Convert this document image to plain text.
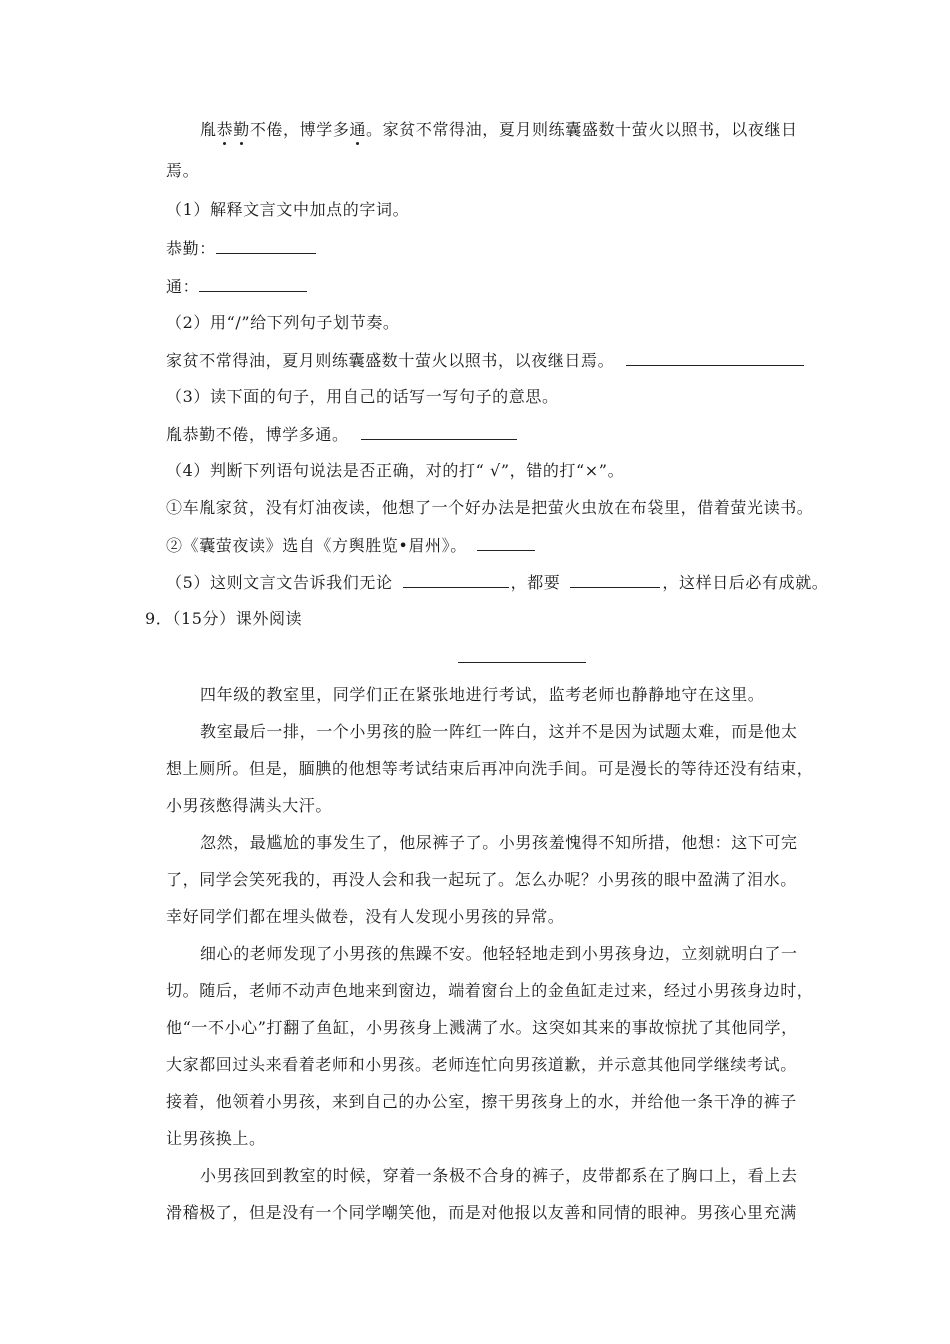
胤恭勤不倦，博学多通。家贫不常得油，夏月则练囊盛数十萤火以照书，以夜继日
焉。
（1）解释文言文中加点的字词。
恭勤：
通：
（2）用“/”给下列句子划节奏。
家贫不常得油，夏月则练囊盛数十萤火以照书，以夜继日焉。
（3）读下面的句子，用自己的话写一写句子的意思。
胤恭勤不倦，博学多通。
（4）判断下列语句说法是否正确，对的打“ √”，错的打“×”。
①车胤家贫，没有灯油夜读，他想了一个好办法是把萤火虫放在布袋里，借着萤光读书。
②《囊萤夜读》选自《方舆胜览•眉州》。
（5）这则文言文告诉我们无论	，都要	，这样日后必有成就。
9．（15分）课外阅读
四年级的教室里，同学们正在紧张地进行考试，监考老师也静静地守在这里。
教室最后一排，一个小男孩的脸一阵红一阵白，这并不是因为试题太难，而是他太
想上厕所。但是，腼腆的他想等考试结束后再冲向洗手间。可是漫长的等待还没有结束，
小男孩憋得满头大汗。
忽然，最尴尬的事发生了，他尿裤子了。小男孩羞愧得不知所措，他想：这下可完
了，同学会笑死我的，再没人会和我一起玩了。怎么办呢？小男孩的眼中盈满了泪水。
幸好同学们都在埋头做卷，没有人发现小男孩的异常。
细心的老师发现了小男孩的焦躁不安。他轻轻地走到小男孩身边，立刻就明白了一
切。随后，老师不动声色地来到窗边，端着窗台上的金鱼缸走过来，经过小男孩身边时，
他“一不小心”打翻了鱼缸，小男孩身上溅满了水。这突如其来的事故惊扰了其他同学，
大家都回过头来看着老师和小男孩。老师连忙向男孩道歉，并示意其他同学继续考试。
接着，他领着小男孩，来到自己的办公室，擦干男孩身上的水，并给他一条干净的裤子
让男孩换上。
小男孩回到教室的时候，穿着一条极不合身的裤子，皮带都系在了胸口上，看上去
滑稽极了，但是没有一个同学嘲笑他，而是对他报以友善和同情的眼神。男孩心里充满
